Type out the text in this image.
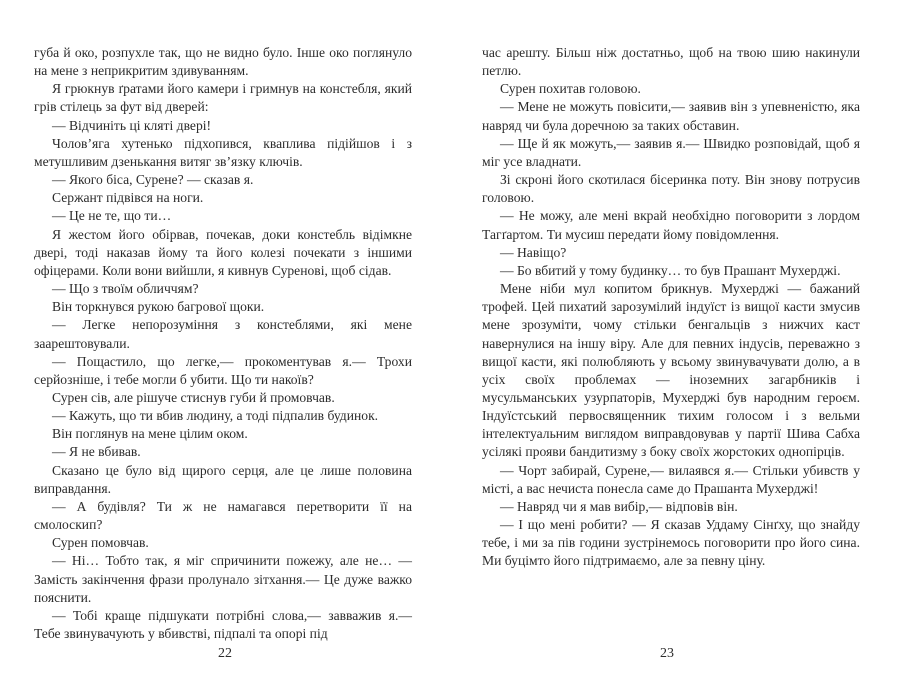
губа й око, розпухле так, що не видно було. Інше око поглянуло на мене з неприкритим здивуванням.

Я грюкнув ґратами його камери і гримнув на констебля, який грів стілець за фут від дверей:

— Відчиніть ці кляті двері!

Чолов’яга хутенько підхопився, кваплива підійшов і з метушливим дзенькання витяг зв’язку ключів.

— Якого біса, Сурене? — сказав я.

Сержант підвівся на ноги.

— Це не те, що ти…

Я жестом його обірвав, почекав, доки констебль відімкне двері, тоді наказав йому та його колезі почекати з іншими офіцерами. Коли вони вийшли, я кивнув Суренові, щоб сідав.

— Що з твоїм обличчям?

Він торкнувся рукою багрової щоки.

— Легке непорозуміння з констеблями, які мене заарештовували.

— Пощастило, що легке,— прокоментував я.— Трохи серйозніше, і тебе могли б убити. Що ти накоїв?

Сурен сів, але рішуче стиснув губи й промовчав.

— Кажуть, що ти вбив людину, а тоді підпалив будинок.

Він поглянув на мене цілим оком.

— Я не вбивав.

Сказано це було від щирого серця, але це лише половина виправдання.

— А будівля? Ти ж не намагався перетворити її на смолоскип?

Сурен помовчав.

— Ні… Тобто так, я міг спричинити пожежу, але не… — Замість закінчення фрази пролунало зітхання.— Це дуже важко пояснити.

— Тобі краще підшукати потрібні слова,— завважив я.— Тебе звинувачують у вбивстві, підпалі та опорі під

час арешту. Більш ніж достатньо, щоб на твою шию накинули петлю.

Сурен похитав головою.

— Мене не можуть повісити,— заявив він з упевненістю, яка навряд чи була доречною за таких обставин.

— Ще й як можуть,— заявив я.— Швидко розповідай, щоб я міг усе владнати.

Зі скроні його скотилася бісеринка поту. Він знову потрусив головою.

— Не можу, але мені вкрай необхідно поговорити з лордом Тагґартом. Ти мусиш передати йому повідомлення.

— Навіщо?

— Бо вбитий у тому будинку… то був Прашант Мухерджі.

Мене ніби мул копитом брикнув. Мухерджі — бажаний трофей. Цей пихатий зарозумілий індуїст із вищої касти змусив мене зрозуміти, чому стільки бенгальців з нижчих каст навернулися на іншу віру. Але для певних індусів, переважно з вищої касти, які полюбляють у всьому звинувачувати долю, а в усіх своїх проблемах — іноземних загарбників і мусульманських узурпаторів, Мухерджі був народним героєм. Індуїстський первосвященник тихим голосом і з вельми інтелектуальним виглядом виправдовував у партії Шива Сабха усілякі прояви бандитизму з боку своїх жорстоких однопірців.

— Чорт забирай, Сурене,— вилаявся я.— Стільки убивств у місті, а вас нечиста понесла саме до Прашанта Мухерджі!

— Навряд чи я мав вибір,— відповів він.

— І що мені робити? — Я сказав Уддаму Сінґху, що знайду тебе, і ми за пів години зустрінемось поговорити про його сина. Ми буцімто його підтримаємо, але за певну ціну.

22	23
